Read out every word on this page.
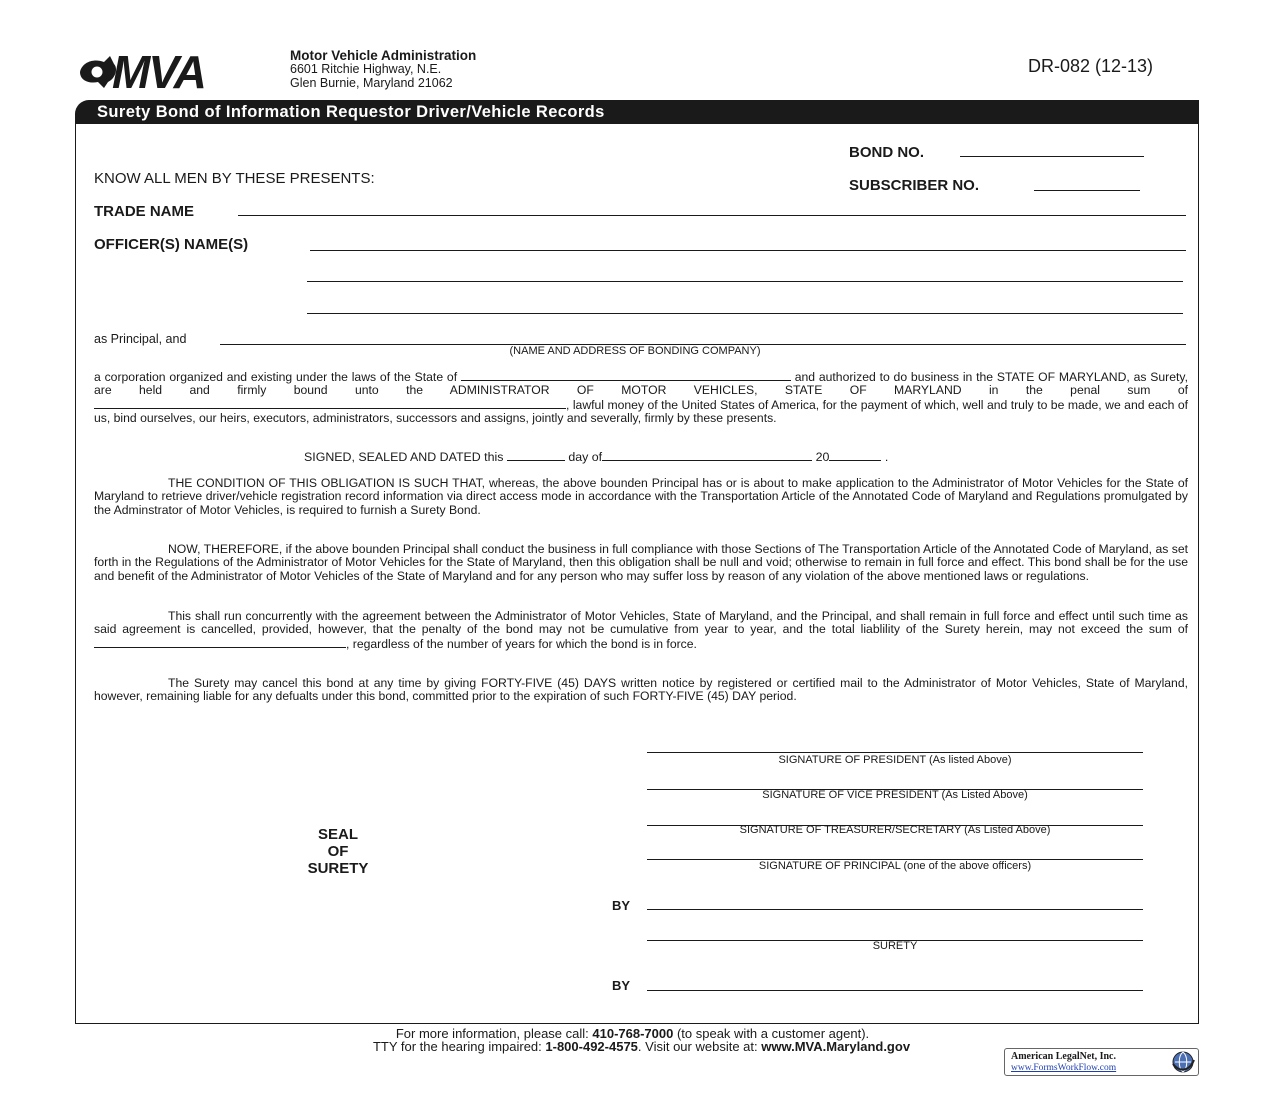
MVA	Motor Vehicle Administration
6601 Ritchie Highway, N.E.
Glen Burnie, Maryland 21062
DR-082 (12-13)
Surety Bond of Information Requestor Driver/Vehicle Records
BOND NO.
KNOW ALL MEN BY THESE PRESENTS:	SUBSCRIBER NO.
TRADE NAME
OFFICER(S) NAME(S)
as Principal, and
(NAME AND ADDRESS OF BONDING COMPANY)
a corporation organized and existing under the laws of the State of	and authorized to do business in the STATE OF MARYLAND, as Surety, are held and firmly bound unto the ADMINISTRATOR OF MOTOR VEHICLES, STATE OF MARYLAND in the penal sum of , lawful money of the United States of America, for the payment of which, well and truly to be made, we and each of us, bind ourselves, our heirs, executors, administrators, successors and assigns, jointly and severally, firmly by these presents.
SIGNED, SEALED AND DATED this	day of	20	.
THE CONDITION OF THIS OBLIGATION IS SUCH THAT, whereas, the above bounden Principal has or is about to make application to the Administrator of Motor Vehicles for the State of Maryland to retrieve driver/vehicle registration record information via direct access mode in accordance with the Transportation Article of the Annotated Code of Maryland and Regulations promulgated by the Adminstrator of Motor Vehicles, is required to furnish a Surety Bond.
NOW, THEREFORE, if the above bounden Principal shall conduct the business in full compliance with those Sections of The Transportation Article of the Annotated Code of Maryland, as set forth in the Regulations of the Administrator of Motor Vehicles for the State of Maryland, then this obligation shall be null and void; otherwise to remain in full force and effect. This bond shall be for the use and benefit of the Administrator of Motor Vehicles of the State of Maryland and for any person who may suffer loss by reason of any violation of the above mentioned laws or regulations.
This shall run concurrently with the agreement between the Administrator of Motor Vehicles, State of Maryland, and the Principal, and shall remain in full force and effect until such time as said agreement is cancelled, provided, however, that the penalty of the bond may not be cumulative from year to year, and the total liablility of the Surety herein, may not exceed the sum of , regardless of the number of years for which the bond is in force.
The Surety may cancel this bond at any time by giving FORTY-FIVE (45) DAYS written notice by registered or certified mail to the Administrator of Motor Vehicles, State of Maryland, however, remaining liable for any defualts under this bond, committed prior to the expiration of such FORTY-FIVE (45) DAY period.
SIGNATURE OF PRESIDENT (As listed Above)
SIGNATURE OF VICE PRESIDENT (As Listed Above)
SIGNATURE OF TREASURER/SECRETARY (As Listed Above)
SIGNATURE OF PRINCIPAL (one of the above officers)
SEAL
OF
SURETY
BY
SURETY
BY
For more information, please call: 410-768-7000 (to speak with a customer agent).
TTY for the hearing impaired: 1-800-492-4575. Visit our website at: www.MVA.Maryland.gov
American LegalNet, Inc.
www.FormsWorkFlow.com
